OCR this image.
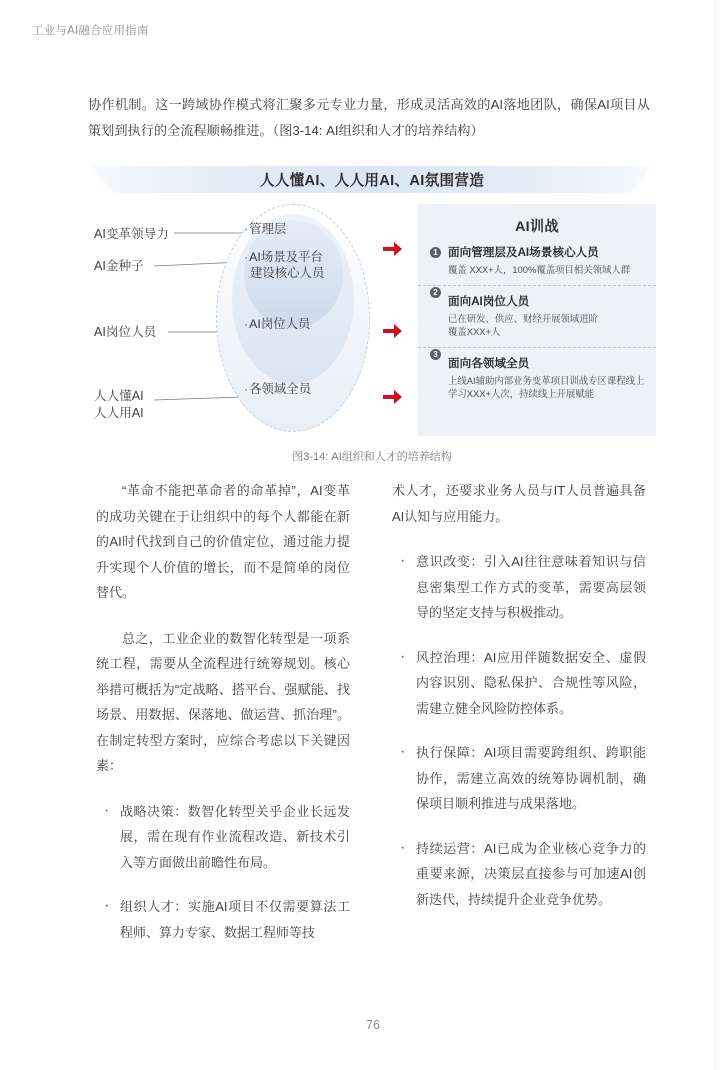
工业与AI融合应用指南
协作机制。这一跨域协作模式将汇聚多元专业力量，形成灵活高效的AI落地团队，确保AI项目从策划到执行的全流程顺畅推进。（图3-14: AI组织和人才的培养结构）
人人懂AI、人人用AI、AI氛围营造
AI变革领导力
AI金种子
AI岗位人员
人人懂AI
人人用AI
·管理层
·AI场景及平台
建设核心人员
·AI岗位人员
·各领域全员
AI训战
1 面向管理层及AI场景核心人员
覆盖 XXX+人，100%覆盖项目相关领域人群
2
面向AI岗位人员
已在研发、供应、财经开展领域进阶
覆盖XXX+人
3
面向各领域全员
上线AI辅助内部业务变革项目训战专区课程线上
学习XXX+人次，持续线上开展赋能
图3-14: AI组织和人才的培养结构

“革命不能把革命者的命革掉”，AI变革的成功关键在于让组织中的每个人都能在新的AI时代找到自己的价值定位，通过能力提升实现个人价值的增长，而不是简单的岗位替代。

总之，工业企业的数智化转型是一项系统工程，需要从全流程进行统筹规划。核心举措可概括为“定战略、搭平台、强赋能、找场景、用数据、保落地、做运营、抓治理”。在制定转型方案时，应综合考虑以下关键因素：

· 战略决策：数智化转型关乎企业长远发展，需在现有作业流程改造、新技术引入等方面做出前瞻性布局。
· 组织人才：实施AI项目不仅需要算法工程师、算力专家、数据工程师等技

术人才，还要求业务人员与IT人员普遍具备AI认知与应用能力。

· 意识改变：引入AI往往意味着知识与信息密集型工作方式的变革，需要高层领导的坚定支持与积极推动。
· 风控治理：AI应用伴随数据安全、虚假内容识别、隐私保护、合规性等风险，需建立健全风险防控体系。
· 执行保障：AI项目需要跨组织、跨职能协作，需建立高效的统筹协调机制，确保项目顺利推进与成果落地。
· 持续运营：AI已成为企业核心竞争力的重要来源，决策层直接参与可加速AI创新迭代，持续提升企业竞争优势。
76
